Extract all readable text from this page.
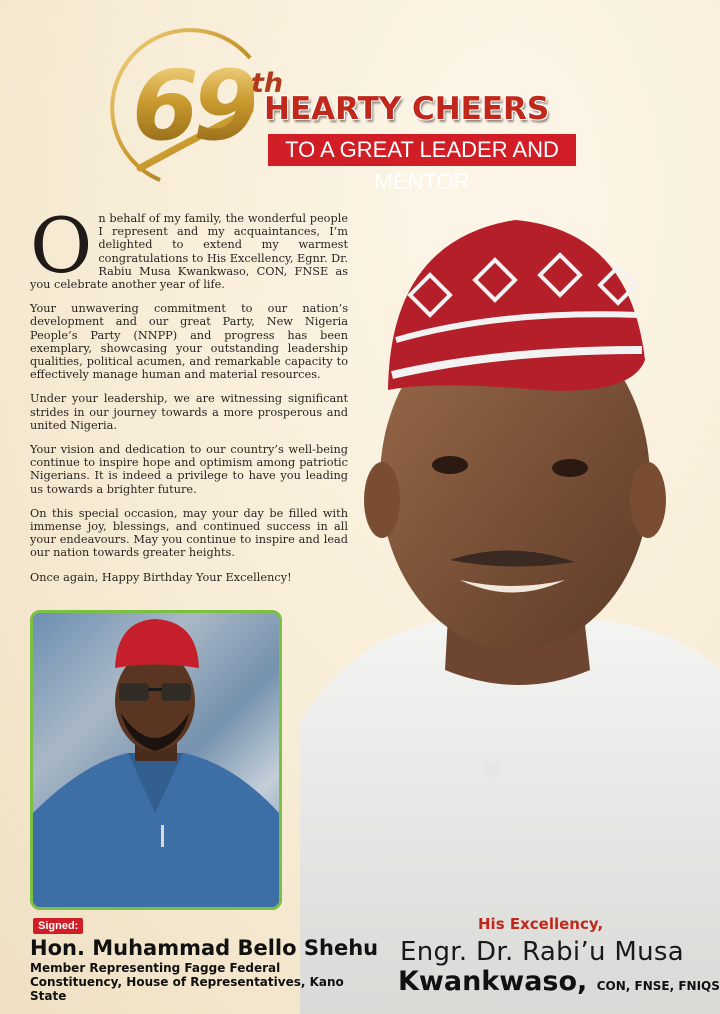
69
th
HEARTY CHEERS
TO A GREAT LEADER AND MENTOR

On behalf of my family, the wonderful people I represent and my acquaintances, I’m delighted to extend my warmest congratulations to His Excellency, Egnr. Dr. Rabiu Musa Kwankwaso, CON, FNSE as you celebrate another year of life.

Your unwavering commitment to our nation’s development and our great Party, New Nigeria People’s Party (NNPP) and progress has been exemplary, showcasing your outstanding leadership qualities, political acumen, and remarkable capacity to effectively manage human and material resources.

Under your leadership, we are witnessing significant strides in our journey towards a more prosperous and united Nigeria.

Your vision and dedication to our country’s well-being continue to inspire hope and optimism among patriotic Nigerians. It is indeed a privilege to have you leading us towards a brighter future.

On this special occasion, may your day be filled with immense joy, blessings, and continued success in all your endeavours. May you continue to inspire and lead our nation towards greater heights.

Once again, Happy Birthday Your Excellency!

Signed:
Hon. Muhammad Bello Shehu
Member Representing Fagge Federal
Constituency, House of Representatives, Kano State
His Excellency,
Engr. Dr. Rabi’u Musa
Kwankwaso, CON, FNSE, FNIQS
